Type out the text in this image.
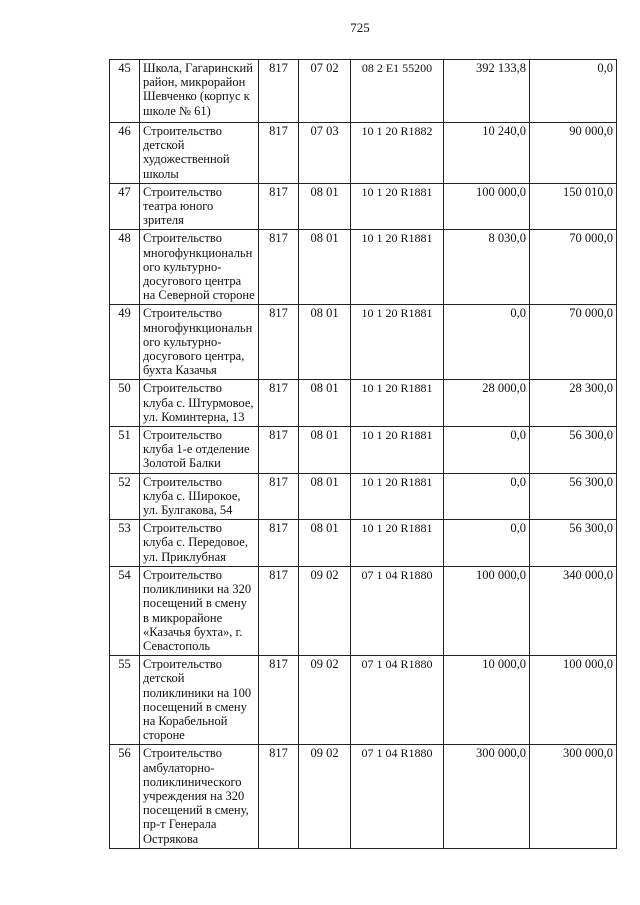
725
45	Школа, Гагаринский район, микрорайон Шевченко (корпус к школе № 61)	817	07 02	08 2 E1 55200	392 133,8	0,0
46	Строительство детской художественной школы	817	07 03	10 1 20 R1882	10 240,0	90 000,0
47	Строительство театра юного зрителя	817	08 01	10 1 20 R1881	100 000,0	150 010,0
48	Строительство многофункциональн ого культурно-досугового центра на Северной стороне	817	08 01	10 1 20 R1881	8 030,0	70 000,0
49	Строительство многофункциональн ого культурно-досугового центра, бухта Казачья	817	08 01	10 1 20 R1881	0,0	70 000,0
50	Строительство клуба с. Штурмовое, ул. Коминтерна, 13	817	08 01	10 1 20 R1881	28 000,0	28 300,0
51	Строительство клуба 1-е отделение Золотой Балки	817	08 01	10 1 20 R1881	0,0	56 300,0
52	Строительство клуба с. Широкое, ул. Булгакова, 54	817	08 01	10 1 20 R1881	0,0	56 300,0
53	Строительство клуба с. Передовое, ул. Приклубная	817	08 01	10 1 20 R1881	0,0	56 300,0
54	Строительство поликлиники на 320 посещений в смену в микрорайоне «Казачья бухта», г. Севастополь	817	09 02	07 1 04 R1880	100 000,0	340 000,0
55	Строительство детской поликлиники на 100 посещений в смену на Корабельной стороне	817	09 02	07 1 04 R1880	10 000,0	100 000,0
56	Строительство амбулаторно-поликлинического учреждения на 320 посещений в смену, пр-т Генерала Острякова	817	09 02	07 1 04 R1880	300 000,0	300 000,0
